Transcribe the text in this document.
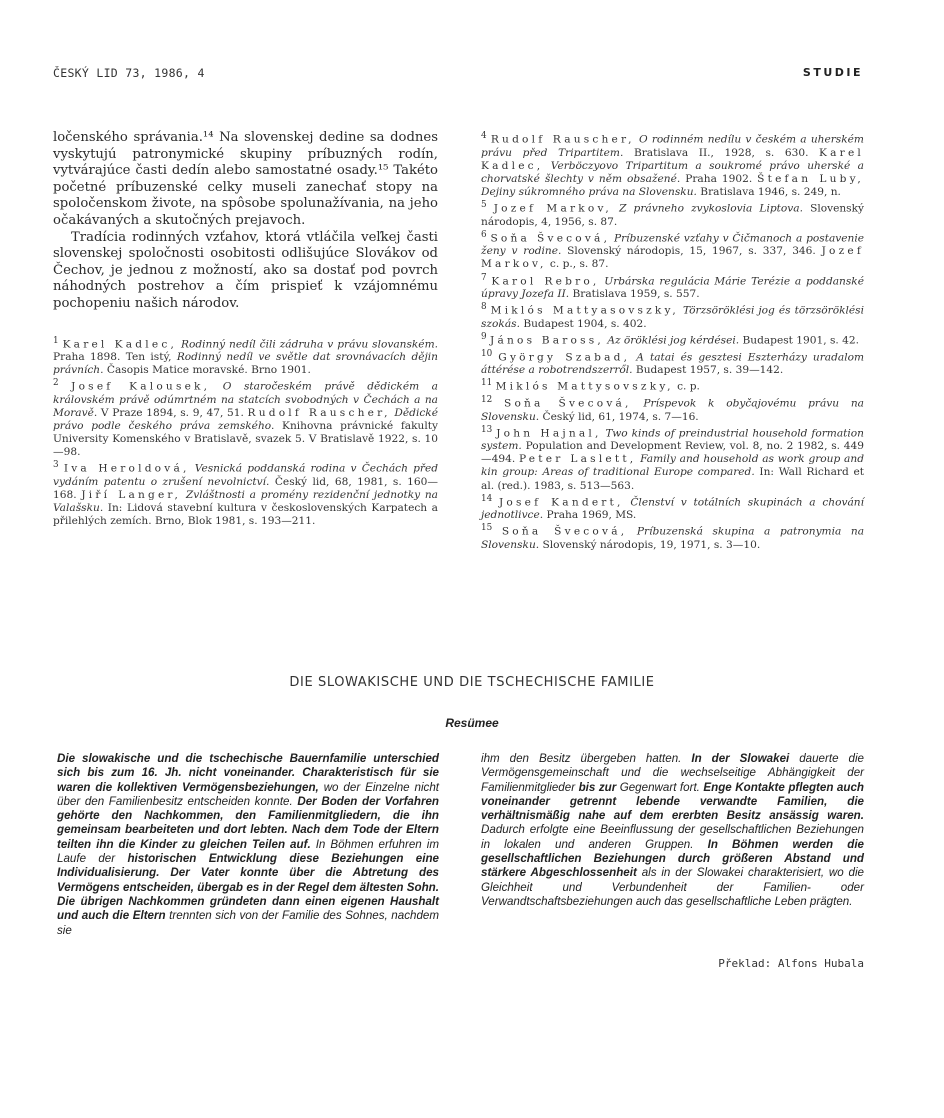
ČESKÝ LID 73, 1986, 4	STUDIE

ločenského správania.¹⁴ Na slovenskej dedine sa dodnes vyskytujú patronymické skupiny príbuzných rodín, vytvárajúce časti dedín alebo samostatné osady.¹⁵ Takéto početné príbuzenské celky museli zanechať stopy na spoločenskom živote, na spôsobe spolunažívania, na jeho očakávaných a skutočných prejavoch.

Tradícia rodinných vzťahov, ktorá vtláčila veľkej časti slovenskej spoločnosti osobitosti odlišujúce Slovákov od Čechov, je jednou z možností, ako sa dostať pod povrch náhodných postrehov a čím prispieť k vzájomnému pochopeniu našich národov.

$^1$ Karel Kadlec, Rodinný nedíl čili zádruha v právu slovanském. Praha 1898. Ten istý, Rodinný nedíl ve světle dat srovnávacích dějin právních. Časopis Matice moravské. Brno 1901.

$^2$ Josef Kalousek, O staročeském právě dědickém a královském právě odúmrtném na statcích svobodných v Čechách a na Moravě. V Praze 1894, s. 9, 47, 51. Rudolf Rauscher, Dědické právo podle českého práva zemského. Knihovna právnické fakulty University Komenského v Bratislavě, svazek 5. V Bratislavě 1922, s. 10—98.

$^3$ Iva Heroldová, Vesnická poddanská rodina v Čechách před vydáním patentu o zrušení nevolnictví. Český lid, 68, 1981, s. 160—168. Jiří Langer, Zvláštnosti a promény rezidenční jednotky na Valašsku. In: Lidová stavební kultura v československých Karpatech a přilehlých zemích. Brno, Blok 1981, s. 193—211.

$^4$ Rudolf Rauscher, O rodinném nedílu v českém a uherském právu před Tripartitem. Bratislava II., 1928, s. 630. Karel Kadlec, Verböczyovo Tripartitum a soukromé právo uherské a chorvatské šlechty v něm obsažené. Praha 1902. Štefan Luby, Dejiny súkromného práva na Slovensku. Bratislava 1946, s. 249, n.

$^5$ Jozef Markov, Z právneho zvykoslovia Liptova. Slovenský národopis, 4, 1956, s. 87.

$^6$ Soňa Švecová, Príbuzenské vzťahy v Čičmanoch a postavenie ženy v rodine. Slovenský národopis, 15, 1967, s. 337, 346. Jozef Markov, c. p., s. 87.

$^7$ Karol Rebro, Urbárska regulácia Márie Terézie a poddanské úpravy Jozefa II. Bratislava 1959, s. 557.

$^8$ Miklós Mattyasovszky, Törzsöröklési jog és törzsöröklési szokás. Budapest 1904, s. 402.

$^9$ János Baross, Az öröklési jog kérdései. Budapest 1901, s. 42.

$^{10}$ György Szabad, A tatai és gesztesi Eszterházy uradalom áttérése a robotrendszerről. Budapest 1957, s. 39—142.

$^{11}$ Miklós Mattysovszky, c. p.

$^{12}$ Soňa Švecová, Príspevok k obyčajovému právu na Slovensku. Český lid, 61, 1974, s. 7—16.

$^{13}$ John Hajnal, Two kinds of preindustrial household formation system. Population and Development Review, vol. 8, no. 2 1982, s. 449—494. Peter Laslett, Family and household as work group and kin group: Areas of traditional Europe compared. In: Wall Richard et al. (red.). 1983, s. 513—563.

$^{14}$ Josef Kandert, Členství v totálních skupinách a chování jednotlivce. Praha 1969, MS.

$^{15}$ Soňa Švecová, Príbuzenská skupina a patronymia na Slovensku. Slovenský národopis, 19, 1971, s. 3—10.

DIE SLOWAKISCHE UND DIE TSCHECHISCHE FAMILIE
Resümee
Die slowakische und die tschechische Bauernfamilie unterschied sich bis zum 16. Jh. nicht voneinander. Charakteristisch für sie waren die kollektiven Vermögensbeziehungen, wo der Einzelne nicht über den Familienbesitz entscheiden konnte. Der Boden der Vorfahren gehörte den Nachkommen, den Familienmitgliedern, die ihn gemeinsam bearbeiteten und dort lebten. Nach dem Tode der Eltern teilten ihn die Kinder zu gleichen Teilen auf. In Böhmen erfuhren im Laufe der historischen Entwicklung diese Beziehungen eine Individualisierung. Der Vater konnte über die Abtretung des Vermögens entscheiden, übergab es in der Regel dem ältesten Sohn. Die übrigen Nachkommen gründeten dann einen eigenen Haushalt und auch die Eltern trennten sich von der Familie des Sohnes, nachdem sie
ihm den Besitz übergeben hatten. In der Slowakei dauerte die Vermögensgemeinschaft und die wechselseitige Abhängigkeit der Familienmitglieder bis zur Gegenwart fort. Enge Kontakte pflegten auch voneinander getrennt lebende verwandte Familien, die verhältnismäßig nahe auf dem ererbten Besitz ansässig waren. Dadurch erfolgte eine Beeinflussung der gesellschaftlichen Beziehungen in lokalen und anderen Gruppen. In Böhmen werden die gesellschaftlichen Beziehungen durch größeren Abstand und stärkere Abgeschlossenheit als in der Slowakei charakterisiert, wo die Gleichheit und Verbundenheit der Familien- oder Verwandtschaftsbeziehungen auch das gesellschaftliche Leben prägten.
Překlad: Alfons Hubala
